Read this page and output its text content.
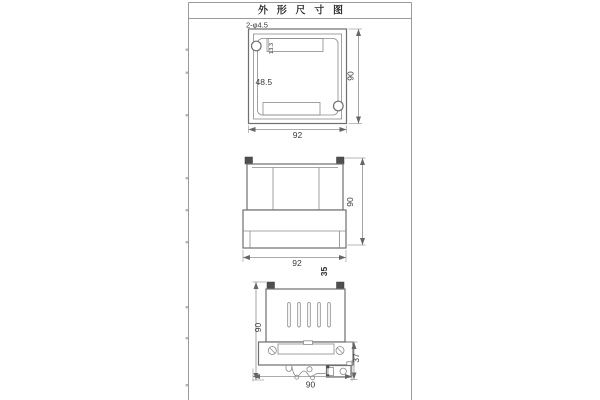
外 形 尺 寸 图
2-φ4.5
13.3
48.5
90
92
90
92
35
90
37
90
